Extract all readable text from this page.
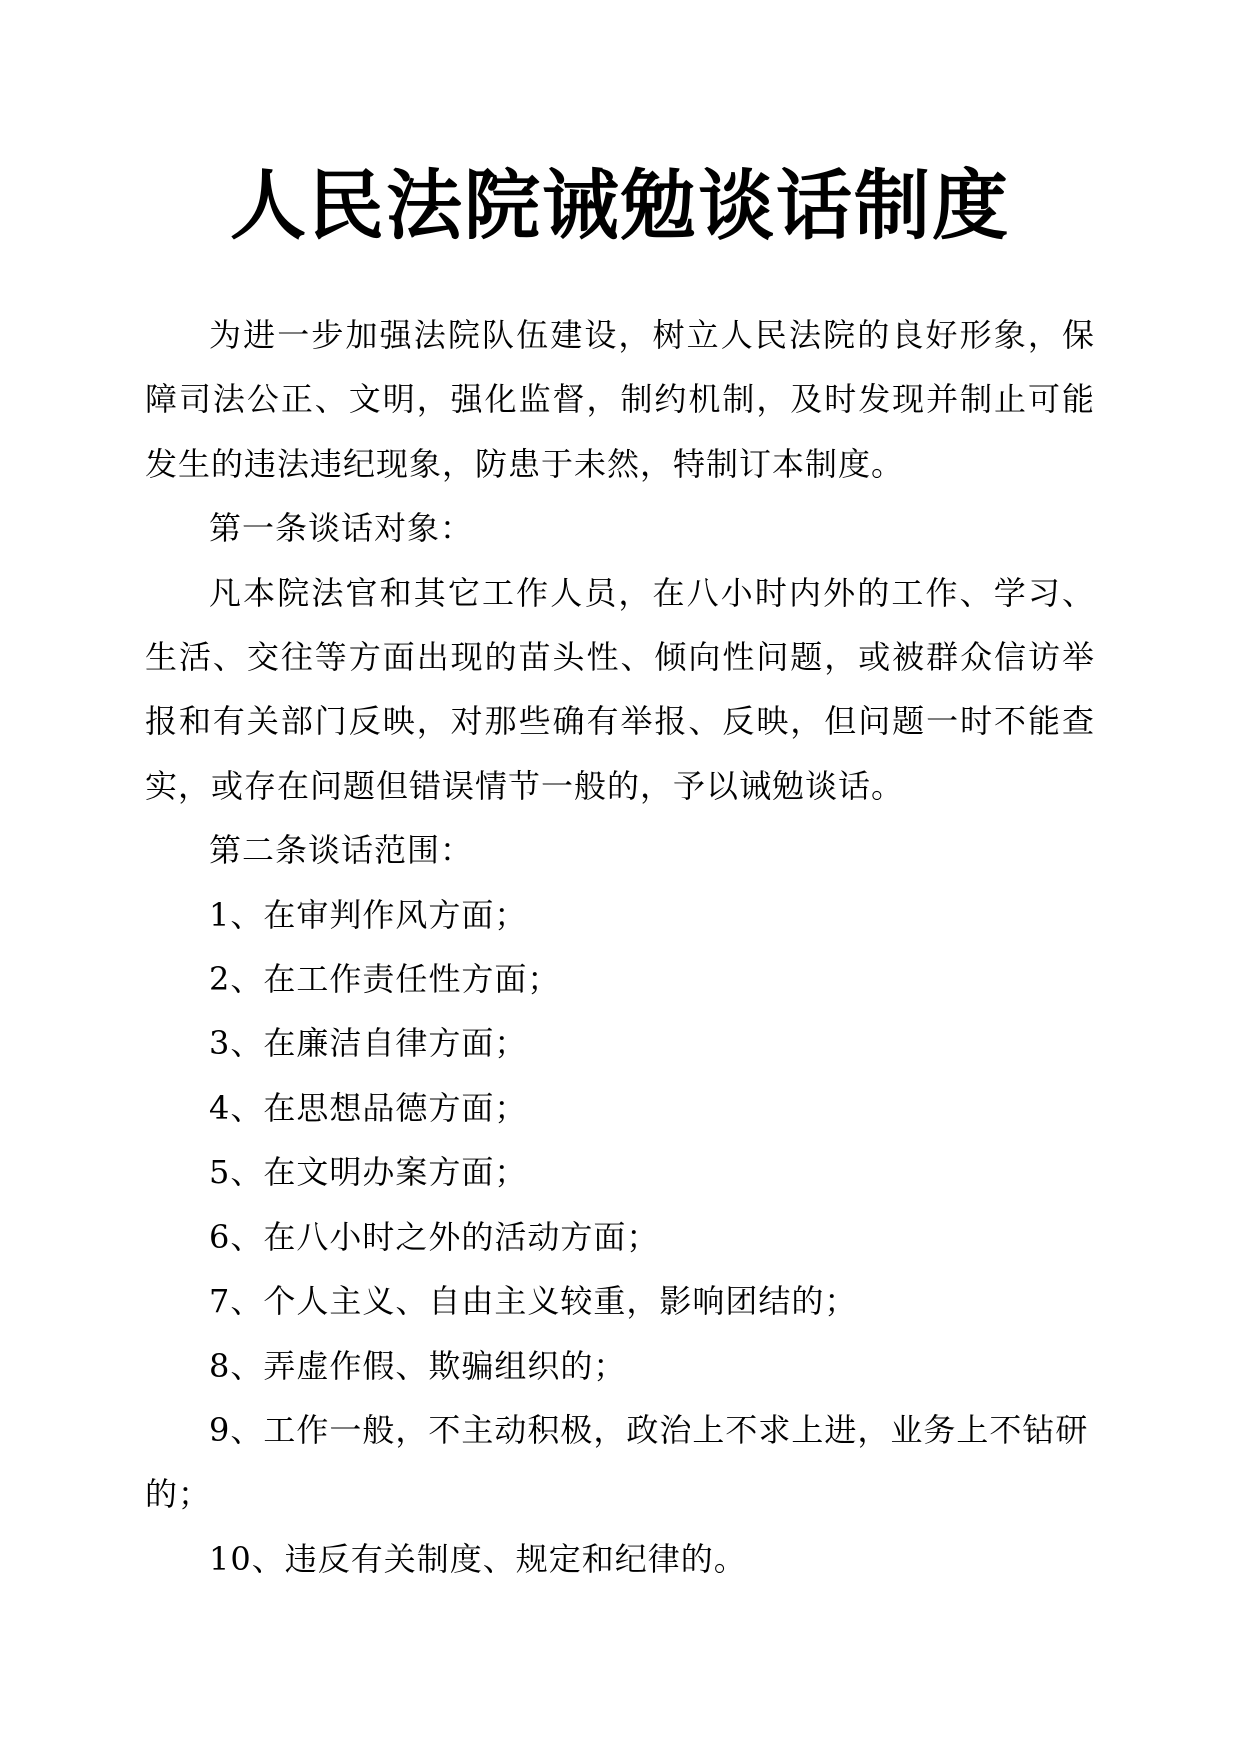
人民法院诫勉谈话制度

为进一步加强法院队伍建设，树立人民法院的良好形象，保障司法公正、文明，强化监督，制约机制，及时发现并制止可能发生的违法违纪现象，防患于未然，特制订本制度。

第一条谈话对象：

凡本院法官和其它工作人员，在八小时内外的工作、学习、生活、交往等方面出现的苗头性、倾向性问题，或被群众信访举报和有关部门反映，对那些确有举报、反映，但问题一时不能查实，或存在问题但错误情节一般的，予以诫勉谈话。

第二条谈话范围：

1、在审判作风方面；

2、在工作责任性方面；

3、在廉洁自律方面；

4、在思想品德方面；

5、在文明办案方面；

6、在八小时之外的活动方面；

7、个人主义、自由主义较重，影响团结的；

8、弄虚作假、欺骗组织的；

9、工作一般，不主动积极，政治上不求上进，业务上不钻研的；

10、违反有关制度、规定和纪律的。
